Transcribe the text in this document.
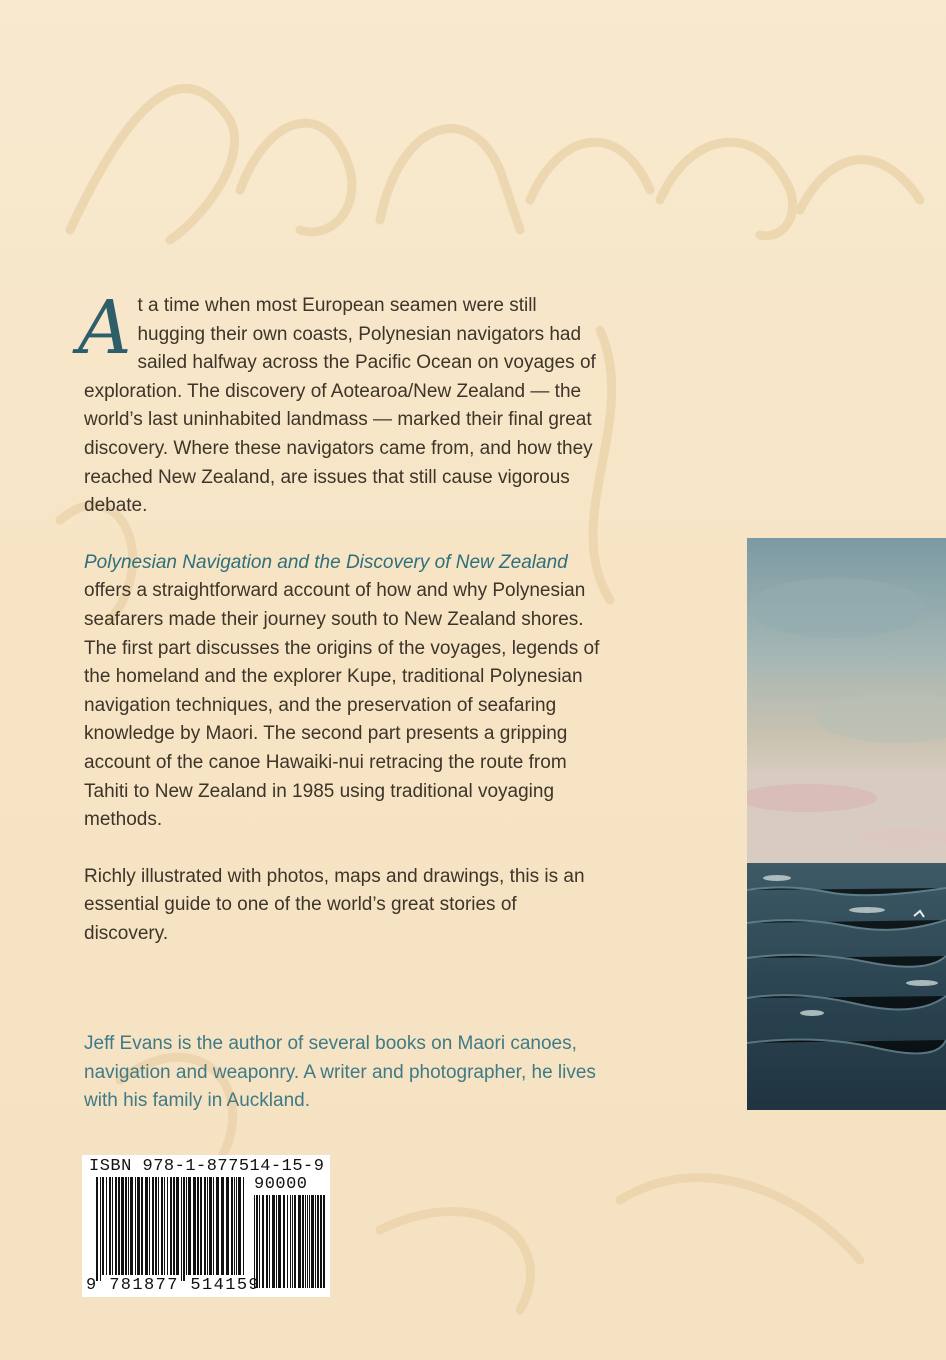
At a time when most European seamen were still hugging their own coasts, Polynesian navigators had sailed halfway across the Pacific Ocean on voyages of exploration. The discovery of Aotearoa/New Zealand — the world’s last uninhabited landmass — marked their final great discovery. Where these navigators came from, and how they reached New Zealand, are issues that still cause vigorous debate.

Polynesian Navigation and the Discovery of New Zealand offers a straightforward account of how and why Polynesian seafarers made their journey south to New Zealand shores. The first part discusses the origins of the voyages, legends of the homeland and the explorer Kupe, traditional Polynesian navigation techniques, and the preservation of seafaring knowledge by Maori. The second part presents a gripping account of the canoe Hawaiki-nui retracing the route from Tahiti to New Zealand in 1985 using traditional voyaging methods.

Richly illustrated with photos, maps and drawings, this is an essential guide to one of the world’s great stories of discovery.

Jeff Evans is the author of several books on Maori canoes, navigation and weaponry. A writer and photographer, he lives with his family in Auckland.
ISBN 978-1-877514-15-9
90000
9 781877 514159
